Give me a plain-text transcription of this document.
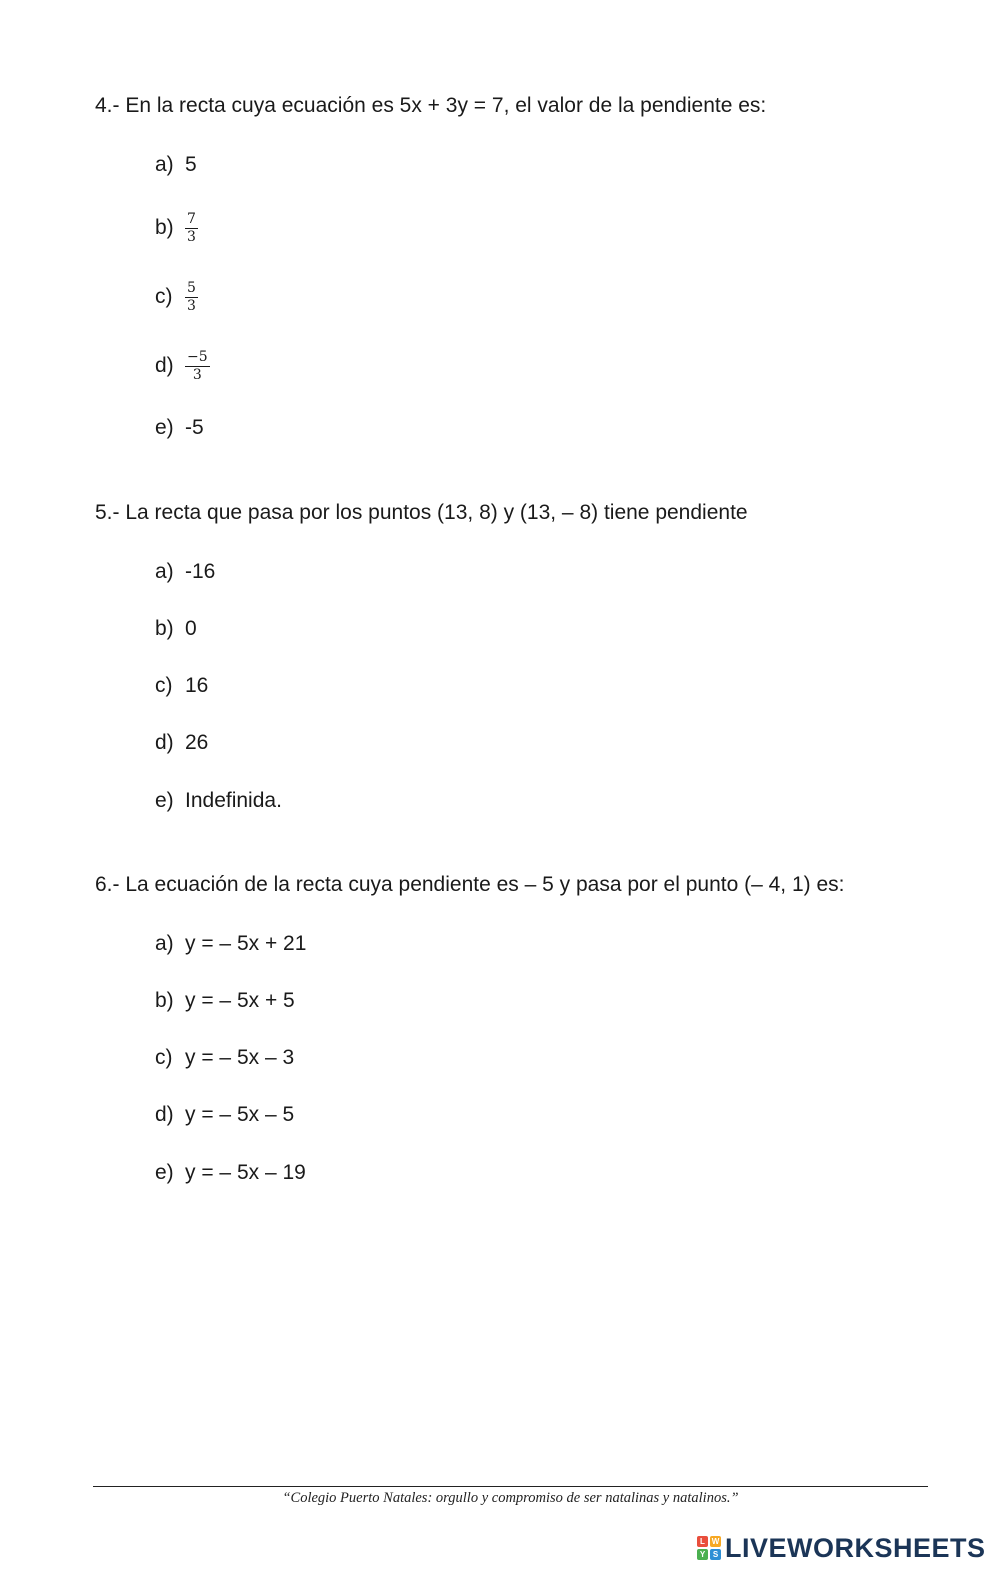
4.- En la recta cuya ecuación es 5x + 3y = 7, el valor de la pendiente es:
a) 5
$b) \frac{7}{3}$
$c) \frac{5}{3}$
$d) \frac{-5}{3}$
e) -5
5.- La recta que pasa por los puntos (13, 8) y (13, – 8) tiene pendiente
a) -16
b) 0
c) 16
d) 26
e) Indefinida.
6.- La ecuación de la recta cuya pendiente es – 5 y pasa por el punto (– 4, 1) es:
a) y = – 5x + 21
b) y = – 5x + 5
c) y = – 5x – 3
d) y = – 5x – 5
e) y = – 5x – 19
“Colegio Puerto Natales: orgullo y compromiso de ser natalinas y natalinos.”
L W
Y S LIVEWORKSHEETS
